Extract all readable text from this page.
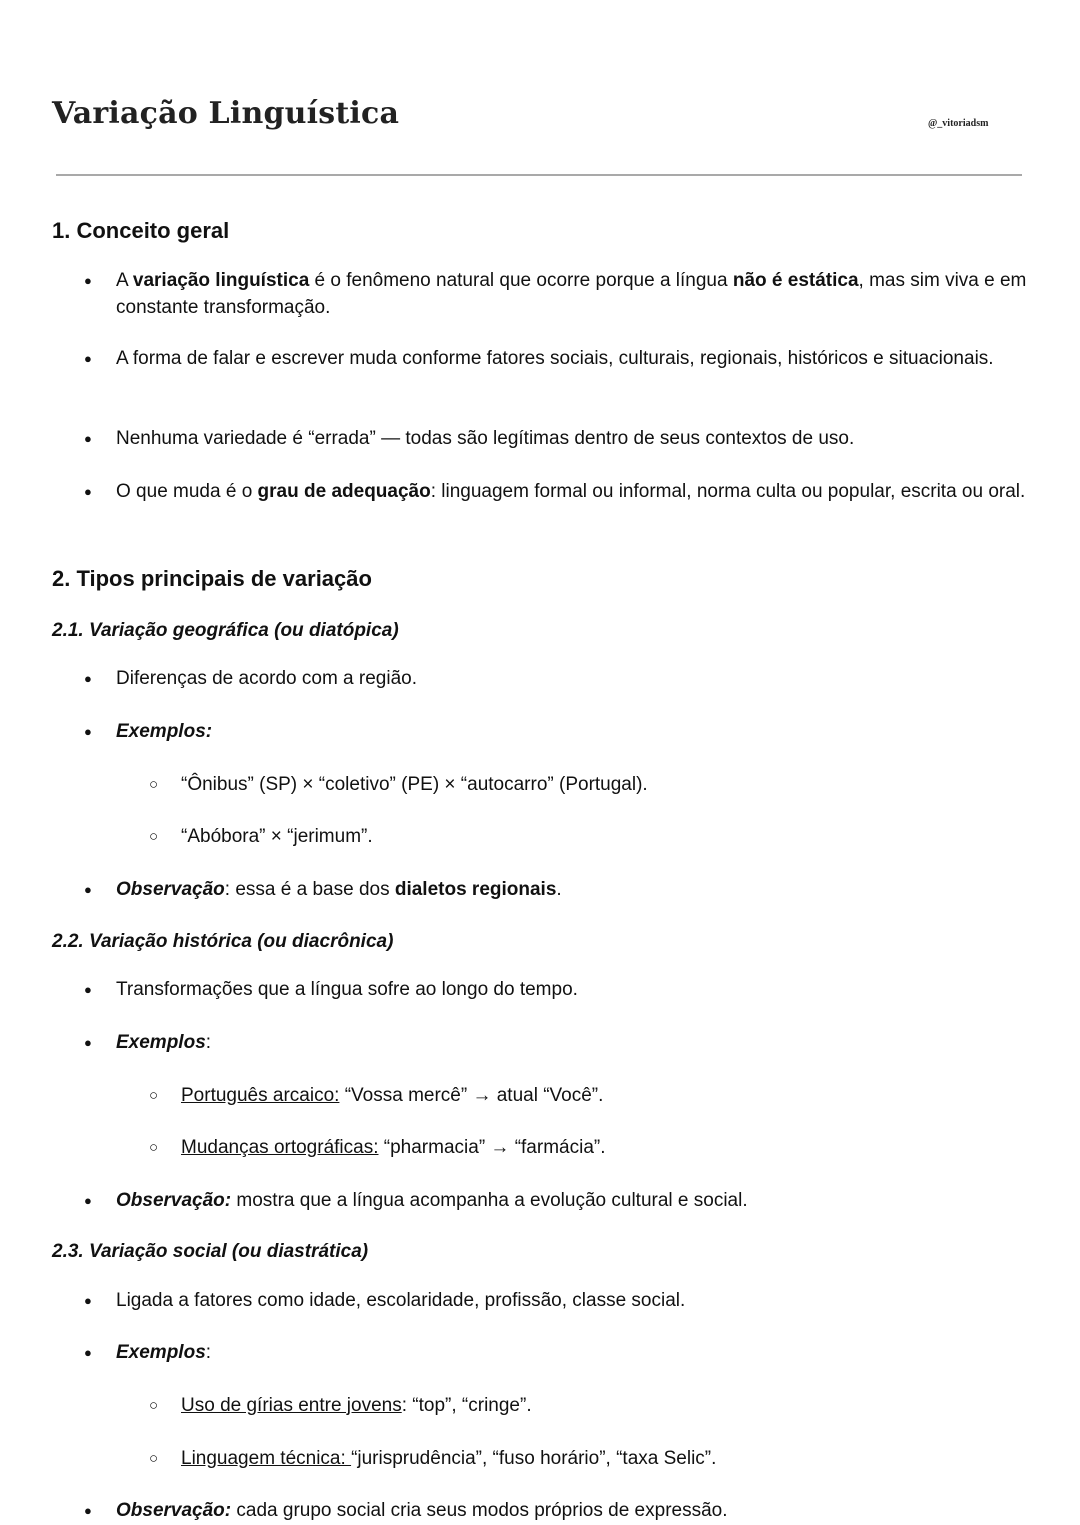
Variação Linguística	@_vitoriadsm
1. Conceito geral

● A variação linguística é o fenômeno natural que ocorre porque a língua não é estática, mas sim viva e em constante transformação.

● A forma de falar e escrever muda conforme fatores sociais, culturais, regionais, históricos e situacionais.

● Nenhuma variedade é “errada” — todas são legítimas dentro de seus contextos de uso.

● O que muda é o grau de adequação: linguagem formal ou informal, norma culta ou popular, escrita ou oral.

2. Tipos principais de variação
2.1. Variação geográfica (ou diatópica)

● Diferenças de acordo com a região.

● Exemplos:

○ “Ônibus” (SP) × “coletivo” (PE) × “autocarro” (Portugal).

○ “Abóbora” × “jerimum”.

● Observação: essa é a base dos dialetos regionais.

2.2. Variação histórica (ou diacrônica)

● Transformações que a língua sofre ao longo do tempo.

● Exemplos:

○ Português arcaico: “Vossa mercê” → atual “Você”.

○ Mudanças ortográficas: “pharmacia” → “farmácia”.

● Observação: mostra que a língua acompanha a evolução cultural e social.

2.3. Variação social (ou diastrática)

● Ligada a fatores como idade, escolaridade, profissão, classe social.

● Exemplos:

○ Uso de gírias entre jovens: “top”, “cringe”.

○ Linguagem técnica: “jurisprudência”, “fuso horário”, “taxa Selic”.

● Observação: cada grupo social cria seus modos próprios de expressão.
